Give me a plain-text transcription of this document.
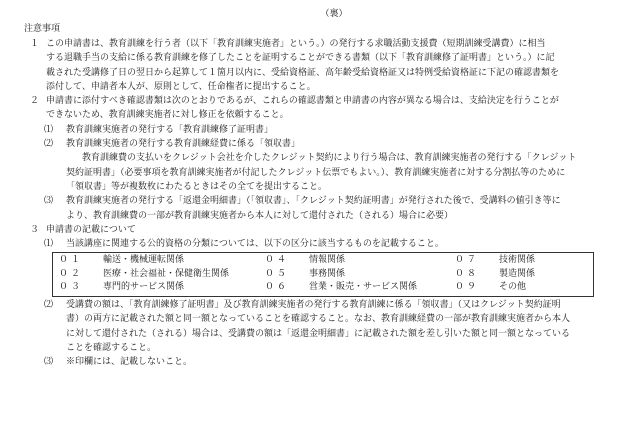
（裏）
注意事項
１ この申請書は、教育訓練を行う者（以下「教育訓練実施者」という。）の発行する求職活動支援費（短期訓練受講費）に相当
する退職手当の支給に係る教育訓練を修了したことを証明することができる書類（以下「教育訓練修了証明書」という。）に記
載された受講修了日の翌日から起算して１箇月以内に、受給資格証、高年齢受給資格証又は特例受給資格証に下記の確認書類を
添付して、申請者本人が、原則として、任命権者に提出すること。
２ 申請書に添付すべき確認書類は次のとおりであるが、これらの確認書類と申請書の内容が異なる場合は、支給決定を行うことが
できないため、教育訓練実施者に対し修正を依頼すること。
⑴	教育訓練実施者の発行する「教育訓練修了証明書」
⑵	教育訓練実施者の発行する教育訓練経費に係る「領収書」
教育訓練費の支払いをクレジット会社を介したクレジット契約により行う場合は、教育訓練実施者の発行する「クレジット
契約証明書」（必要事項を教育訓練実施者が付記したクレジット伝票でもよい。）、教育訓練実施者に対する分割払等のために
「領収書」等が複数枚にわたるときはその全てを提出すること。
⑶	教育訓練実施者の発行する「返還金明細書」（「領収書」、「クレジット契約証明書」が発行された後で、受講料の値引き等に
より、教育訓練費の一部が教育訓練実施者から本人に対して還付された（される）場合に必要）
３ 申請書の記載について
⑴	当該講座に関連する公的資格の分類については、以下の区分に該当するものを記載すること。
０１	輸送・機械運転関係	０４	情報関係	０７	技術関係
０２	医療・社会福祉・保健衛生関係	０５	事務関係	０８	製造関係
０３	専門的サービス関係	０６	営業・販売・サービス関係	０９	その他
⑵	受講費の額は、「教育訓練修了証明書」及び教育訓練実施者の発行する教育訓練に係る「領収書」（又はクレジット契約証明
書）の両方に記載された額と同一額となっていることを確認すること。なお、教育訓練経費の一部が教育訓練実施者から本人
に対して還付された（される）場合は、受講費の額は「返還金明細書」に記載された額を差し引いた額と同一額となっている
ことを確認すること。
⑶	※印欄には、記載しないこと。
